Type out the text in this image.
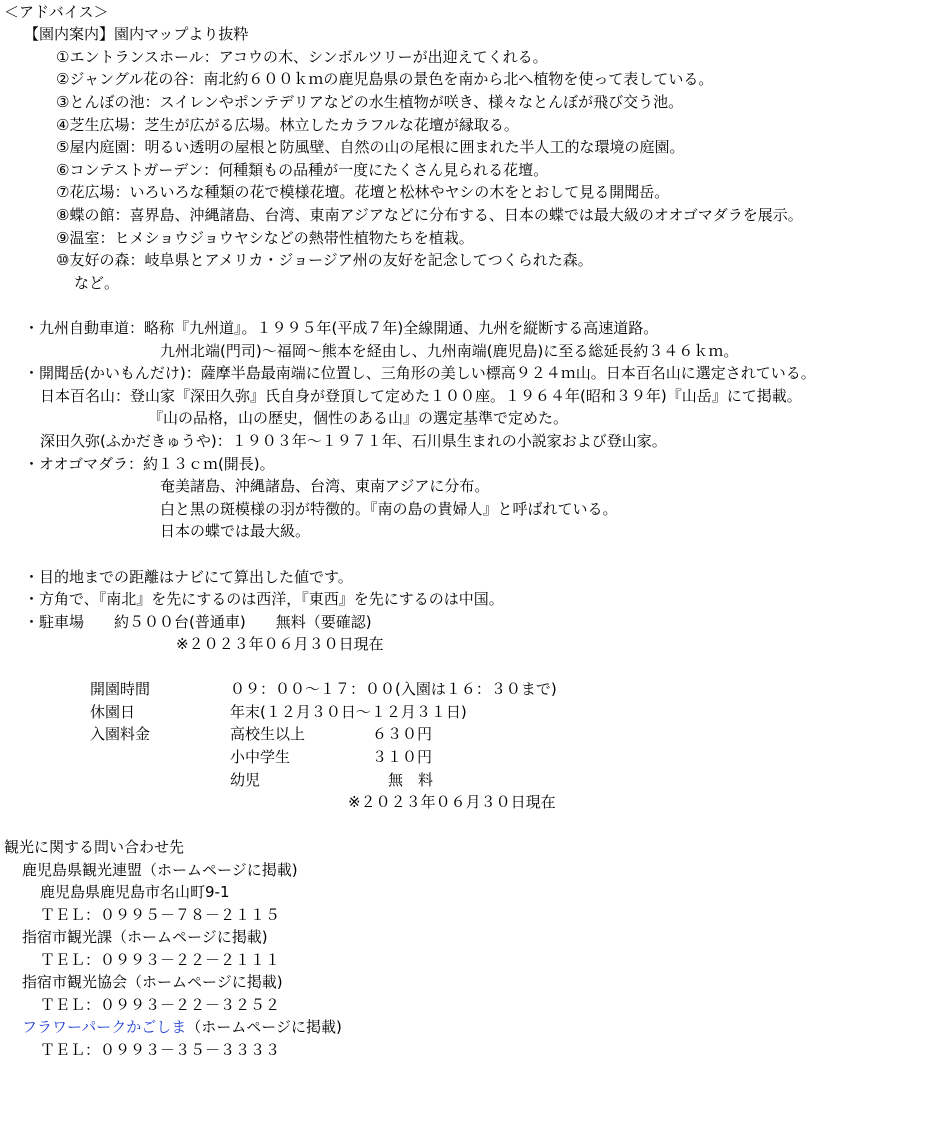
＜アドバイス＞
【園内案内】園内マップより抜粋
①エントランスホール：アコウの木、シンボルツリーが出迎えてくれる。
②ジャングル花の谷：南北約６００ｋｍの鹿児島県の景色を南から北へ植物を使って表している。
③とんぼの池：スイレンやポンテデリアなどの水生植物が咲き、様々なとんぼが飛び交う池。
④芝生広場：芝生が広がる広場。林立したカラフルな花壇が縁取る。
⑤屋内庭園：明るい透明の屋根と防風壁、自然の山の尾根に囲まれた半人工的な環境の庭園。
⑥コンテストガーデン：何種類もの品種が一度にたくさん見られる花壇。
⑦花広場：いろいろな種類の花で模様花壇。花壇と松林やヤシの木をとおして見る開聞岳。
⑧蝶の館：喜界島、沖縄諸島、台湾、東南アジアなどに分布する、日本の蝶では最大級のオオゴマダラを展示。
⑨温室：ヒメショウジョウヤシなどの熱帯性植物たちを植栽。
⑩友好の森：岐阜県とアメリカ・ジョージア州の友好を記念してつくられた森。
など。
・九州自動車道：略称『九州道』。１９９５年(平成７年)全線開通、九州を縦断する高速道路。
九州北端(門司)～福岡～熊本を経由し、九州南端(鹿児島)に至る総延長約３４６ｋｍ。
・開聞岳(かいもんだけ)：薩摩半島最南端に位置し、三角形の美しい標高９２４ｍ山。日本百名山に選定されている。
日本百名山：登山家『深田久弥』氏自身が登頂して定めた１００座。１９６４年(昭和３９年)『山岳』にて掲載。
『山の品格，山の歴史，個性のある山』の選定基準で定めた。
深田久弥(ふかだきゅうや)：１９０３年～１９７１年、石川県生まれの小説家および登山家。
・オオゴマダラ：約１３ｃｍ(開長)。
奄美諸島、沖縄諸島、台湾、東南アジアに分布。
白と黒の斑模様の羽が特徴的。『南の島の貴婦人』と呼ばれている。
日本の蝶では最大級。
・目的地までの距離はナビにて算出した値です。
・方角で、『南北』を先にするのは西洋，『東西』を先にするのは中国。
・駐車場　　約５００台(普通車)　　無料（要確認)
※２０２３年０６月３０日現在
開園時間	０９：００～１７：００(入園は１６：３０まで)
休園日	年末(１２月３０日～１２月３１日)
入園料金	高校生以上	６３０円
小中学生	３１０円
幼児	無　料
※２０２３年０６月３０日現在
観光に関する問い合わせ先
鹿児島県観光連盟（ホームページに掲載)
鹿児島県鹿児島市名山町9-1
ＴＥＬ：０９９５－７８－２１１５
指宿市観光課（ホームページに掲載)
ＴＥＬ：０９９３－２２－２１１１
指宿市観光協会（ホームページに掲載)
ＴＥＬ：０９９３－２２－３２５２
フラワーパークかごしま（ホームページに掲載)
ＴＥＬ：０９９３－３５－３３３３
